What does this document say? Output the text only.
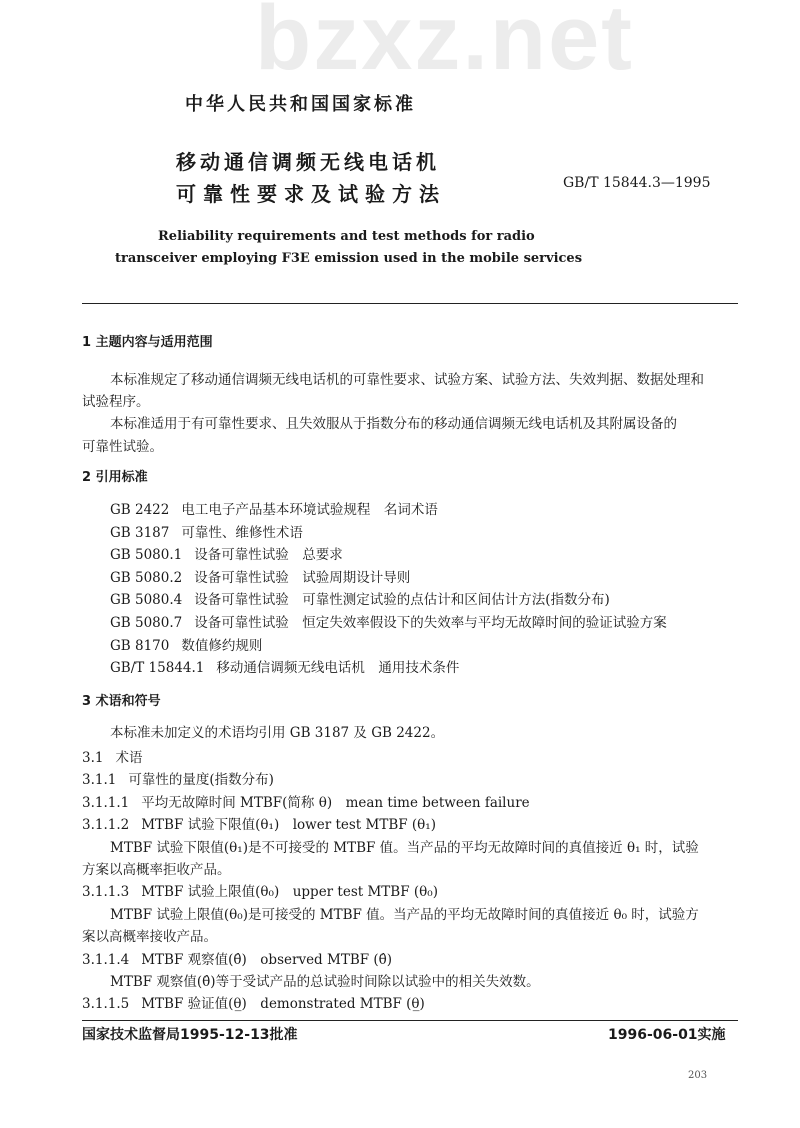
bzxz.net
中华人民共和国国家标准
移动通信调频无线电话机
可靠性要求及试验方法	GB/T 15844.3—1995
Reliability requirements and test methods for radio
transceiver employing F3E emission used in the mobile services
1 主题内容与适用范围
本标准规定了移动通信调频无线电话机的可靠性要求、试验方案、试验方法、失效判据、数据处理和
试验程序。
本标准适用于有可靠性要求、且失效服从于指数分布的移动通信调频无线电话机及其附属设备的
可靠性试验。
2 引用标准
GB 2422 电工电子产品基本环境试验规程　名词术语
GB 3187 可靠性、维修性术语
GB 5080.1 设备可靠性试验　总要求
GB 5080.2 设备可靠性试验　试验周期设计导则
GB 5080.4 设备可靠性试验　可靠性测定试验的点估计和区间估计方法(指数分布)
GB 5080.7 设备可靠性试验　恒定失效率假设下的失效率与平均无故障时间的验证试验方案
GB 8170 数值修约规则
GB/T 15844.1 移动通信调频无线电话机　通用技术条件
3 术语和符号
本标准未加定义的术语均引用 GB 3187 及 GB 2422。
3.1 术语
3.1.1 可靠性的量度(指数分布)
3.1.1.1 平均无故障时间 MTBF(简称 θ)　mean time between failure
3.1.1.2 MTBF 试验下限值(θ₁)　lower test MTBF (θ₁)
MTBF 试验下限值(θ₁)是不可接受的 MTBF 值。当产品的平均无故障时间的真值接近 θ₁ 时，试验
方案以高概率拒收产品。
3.1.1.3 MTBF 试验上限值(θ₀)　upper test MTBF (θ₀)
MTBF 试验上限值(θ₀)是可接受的 MTBF 值。当产品的平均无故障时间的真值接近 θ₀ 时，试验方
案以高概率接收产品。
3.1.1.4 MTBF 观察值(θ̂)　observed MTBF (θ̂)
MTBF 观察值(θ̂)等于受试产品的总试验时间除以试验中的相关失效数。
3.1.1.5 MTBF 验证值(θ̲)　demonstrated MTBF (θ̲)
国家技术监督局1995-12-13批准	1996-06-01实施
203
